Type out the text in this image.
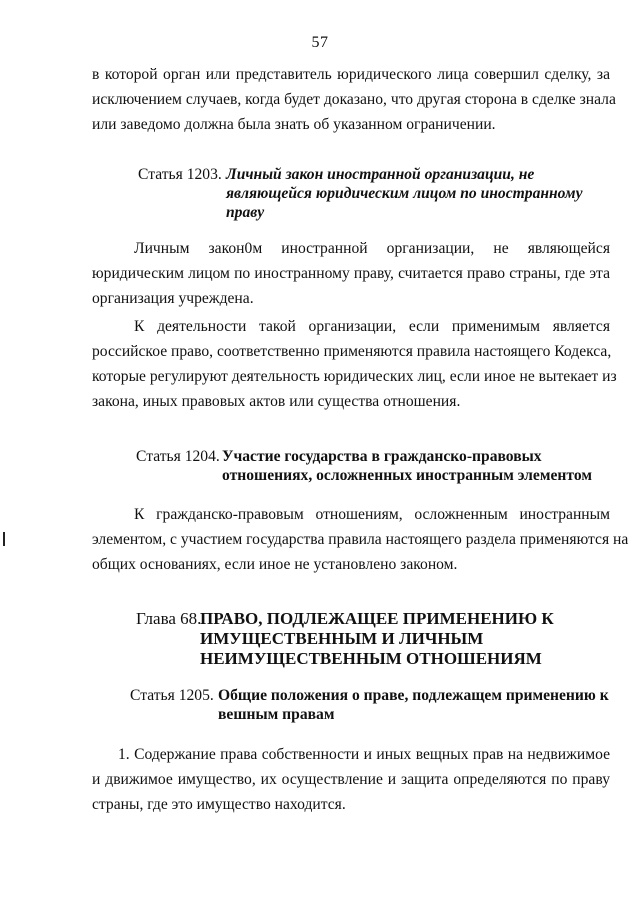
57
в которой орган или представитель юридического лица совершил сделку, за
исключением случаев, когда будет доказано, что другая сторона в сделке знала
или заведомо должна была знать об указанном ограничении.
Статья 1203. Личный закон иностранной организации, не
являющейся юридическим лицом по иностранному
праву
Личным закон0м иностранной организации, не являющейся
юридическим лицом по иностранному праву, считается право страны, где эта
организация учреждена.
К деятельности такой организации, если применимым является
российское право, соответственно применяются правила настоящего Кодекса,
которые регулируют деятельность юридических лиц, если иное не вытекает из
закона, иных правовых актов или существа отношения.
Статья 1204. Участие государства в гражданско-правовых
отношениях, осложненных иностранным элементом
К гражданско-правовым отношениям, осложненным иностранным
элементом, с участием государства правила настоящего раздела применяются на
общих основаниях, если иное не установлено законом.
Глава 68.
ПРАВО, ПОДЛЕЖАЩЕЕ ПРИМЕНЕНИЮ К
ИМУЩЕСТВЕННЫМ И ЛИЧНЫМ
НЕИМУЩЕСТВЕННЫМ ОТНОШЕНИЯМ
Статья 1205. Общие положения о праве, подлежащем применению к
вешным правам
1. Содержание права собственности и иных вещных прав на недвижимое
и движимое имущество, их осуществление и защита определяются по праву
страны, где это имущество находится.
